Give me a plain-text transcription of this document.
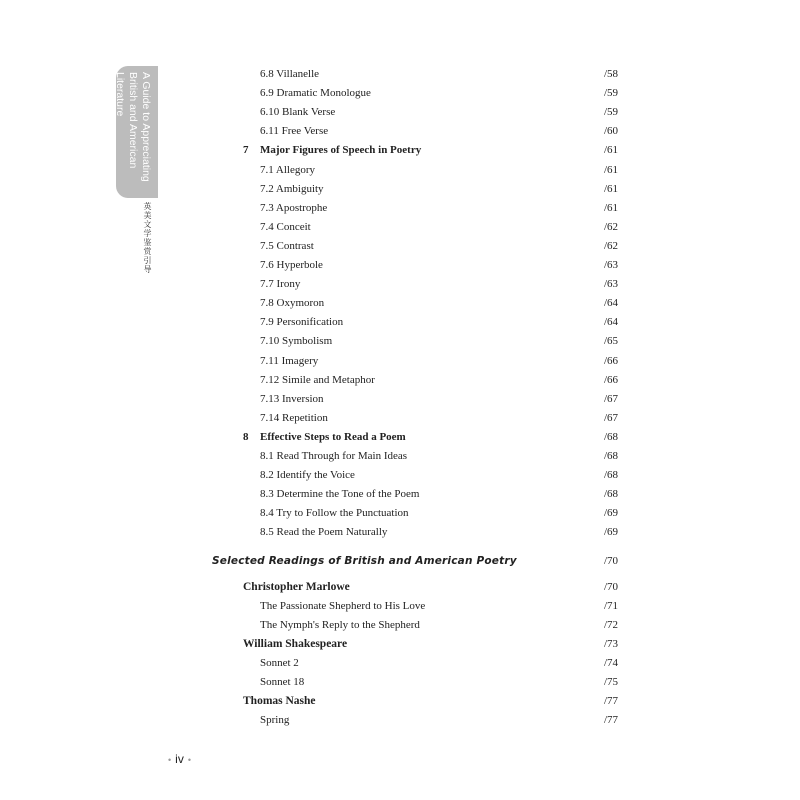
A Guide to Appreciating
British and American Literature
英美文学鉴赏引导
6.8 Villanelle	/58
6.9 Dramatic Monologue	/59
6.10 Blank Verse	/59
6.11 Free Verse	/60
7 Major Figures of Speech in Poetry	/61
7.1 Allegory	/61
7.2 Ambiguity	/61
7.3 Apostrophe	/61
7.4 Conceit	/62
7.5 Contrast	/62
7.6 Hyperbole	/63
7.7 Irony	/63
7.8 Oxymoron	/64
7.9 Personification	/64
7.10 Symbolism	/65
7.11 Imagery	/66
7.12 Simile and Metaphor	/66
7.13 Inversion	/67
7.14 Repetition	/67
8 Effective Steps to Read a Poem	/68
8.1 Read Through for Main Ideas	/68
8.2 Identify the Voice	/68
8.3 Determine the Tone of the Poem	/68
8.4 Try to Follow the Punctuation	/69
8.5 Read the Poem Naturally	/69
Selected Readings of British and American Poetry	/70
Christopher Marlowe	/70
The Passionate Shepherd to His Love	/71
The Nymph's Reply to the Shepherd	/72
William Shakespeare	/73
Sonnet 2	/74
Sonnet 18	/75
Thomas Nashe	/77
Spring	/77
• iv •
